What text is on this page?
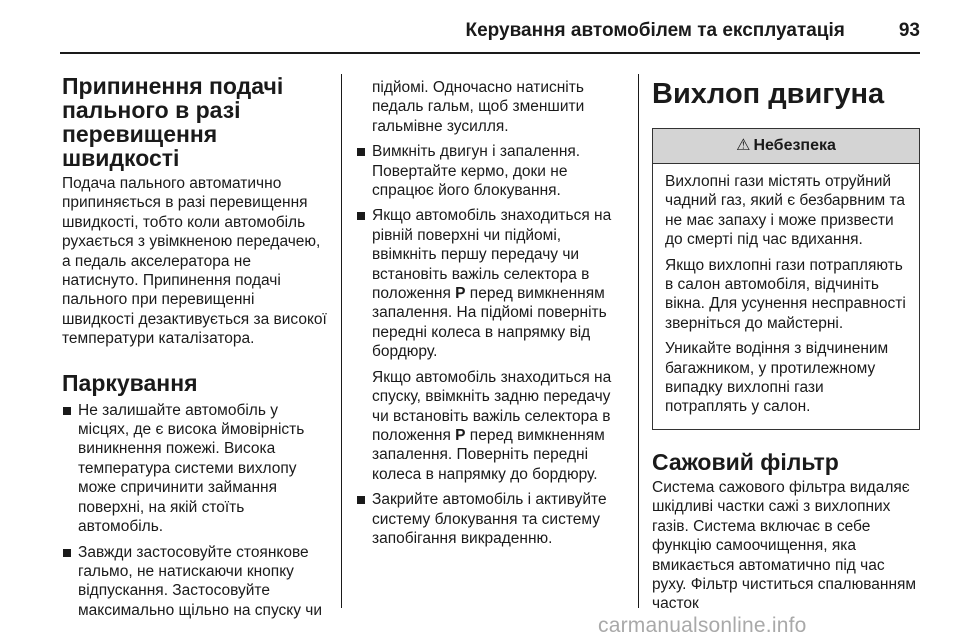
Керування автомобілем та експлуатація	93
Припинення подачі пального в разі перевищення швидкості

Подача пального автоматично припиняється в разі перевищення швидкості, тобто коли автомобіль рухається з увімкненою передачею, а педаль акселератора не натиснуто. Припинення подачі пального при перевищенні швидкості дезактивується за високої температури каталізатора.

Паркування
Не залишайте автомобіль у місцях, де є висока ймовірність виникнення пожежі. Висока температура системи вихлопу може спричинити займання поверхні, на якій стоїть автомобіль.
Завжди застосовуйте стоянкове гальмо, не натискаючи кнопку відпускання. Застосовуйте максимально щільно на спуску чи

підйомі. Одночасно натисніть педаль гальм, щоб зменшити гальмівне зусилля.

Вимкніть двигун і запалення. Повертайте кермо, доки не спрацює його блокування.
Якщо автомобіль знаходиться на рівній поверхні чи підйомі, ввімкніть першу передачу чи встановіть важіль селектора в положення P перед вимкненням запалення. На підйомі поверніть передні колеса в напрямку від бордюру.

Якщо автомобіль знаходиться на спуску, ввімкніть задню передачу чи встановіть важіль селектора в положення P перед вимкненням запалення. Поверніть передні колеса в напрямку до бордюру.

Закрийте автомобіль і активуйте систему блокування та систему запобігання викраденню.
Вихлоп двигуна
⚠ Небезпека

Вихлопні гази містять отруйний чадний газ, який є безбарвним та не має запаху і може призвести до смерті під час вдихання.

Якщо вихлопні гази потрапляють в салон автомобіля, відчиніть вікна. Для усунення несправності зверніться до майстерні.

Уникайте водіння з відчиненим багажником, у протилежному випадку вихлопні гази потраплять у салон.

Сажовий фільтр

Система сажового фільтра видаляє шкідливі частки сажі з вихлопних газів. Система включає в себе функцію самоочищення, яка вмикається автоматично під час руху. Фільтр чиститься спалюванням часток

carmanualsonline.info
